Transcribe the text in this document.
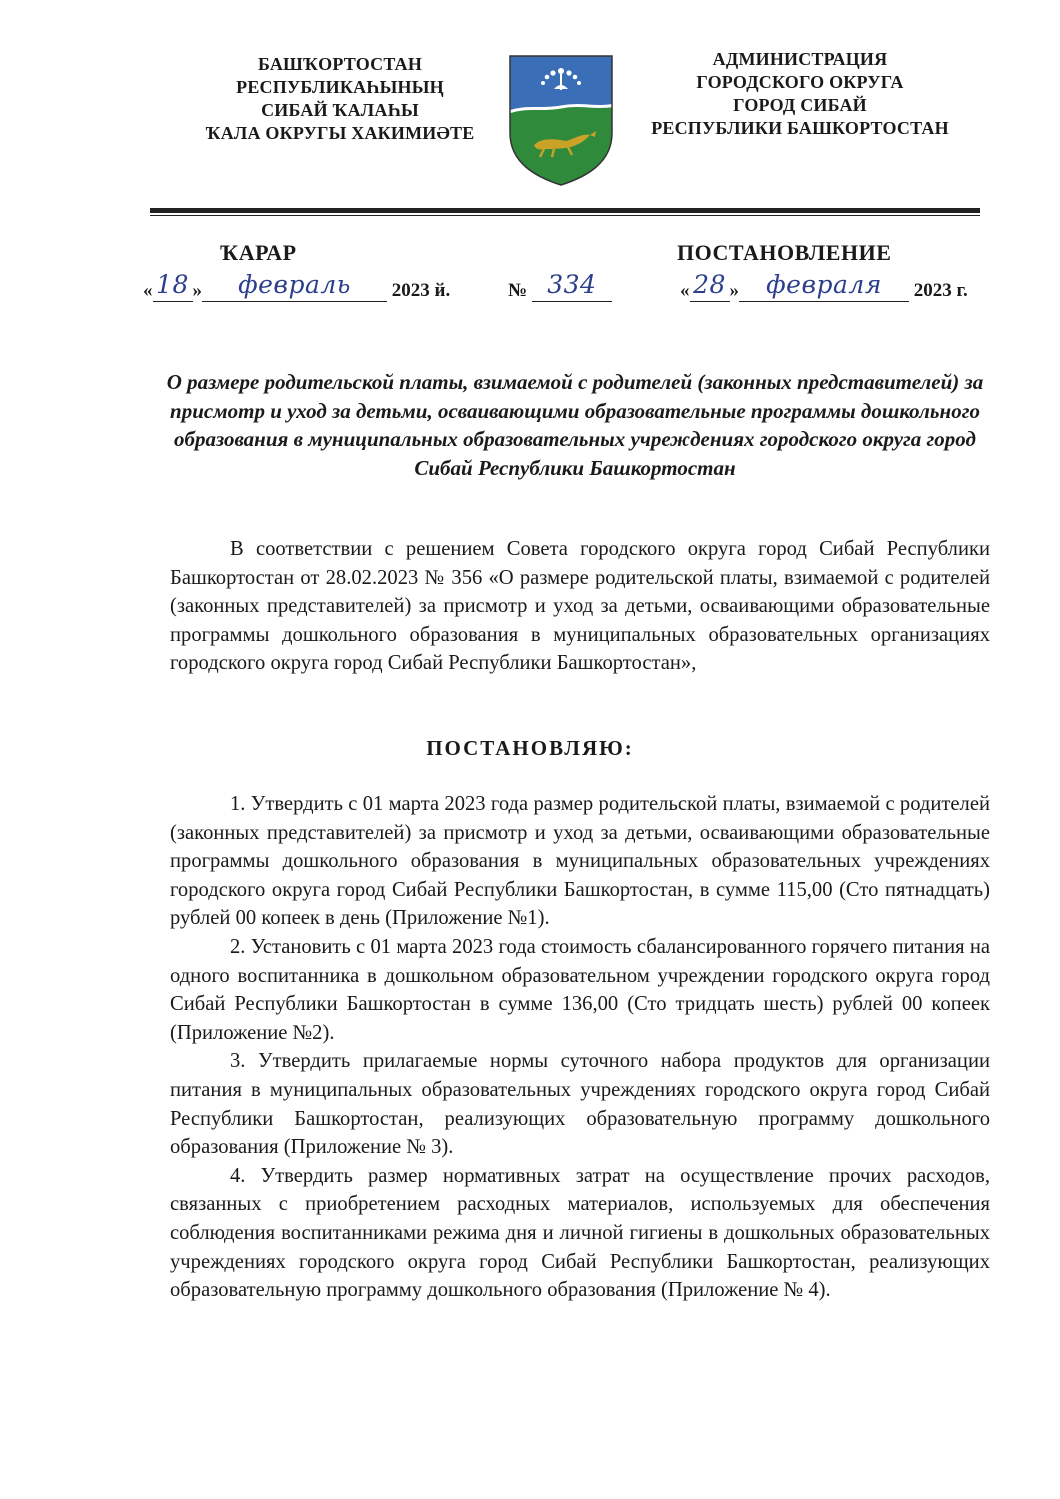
БАШҠОРТОСТАН
РЕСПУБЛИКАҺЫНЫҢ
СИБАЙ ҠАЛАҺЫ
ҠАЛА ОКРУГЫ ХАКИМИӘТЕ
АДМИНИСТРАЦИЯ
ГОРОДСКОГО ОКРУГА
ГОРОД СИБАЙ
РЕСПУБЛИКИ БАШКОРТОСТАН
ҠАРАР	ПОСТАНОВЛЕНИЕ
« 18 »	февраль	2023 й.	№ 334	« 28 »	февраля	2023 г.
О размере родительской платы, взимаемой с родителей (законных представителей) за присмотр и уход за детьми, осваивающими образовательные программы дошкольного образования в муниципальных образовательных учреждениях городского округа город Сибай Республики Башкортостан

В соответствии с решением Совета городского округа город Сибай Республики Башкортостан от 28.02.2023 № 356 «О размере родительской платы, взимаемой с родителей (законных представителей) за присмотр и уход за детьми, осваивающими образовательные программы дошкольного образования в муниципальных образовательных организациях городского округа город Сибай Республики Башкортостан»,

ПОСТАНОВЛЯЮ:

1. Утвердить с 01 марта 2023 года размер родительской платы, взимаемой с родителей (законных представителей) за присмотр и уход за детьми, осваивающими образовательные программы дошкольного образования в муниципальных образовательных учреждениях городского округа город Сибай Республики Башкортостан, в сумме 115,00 (Сто пятнадцать) рублей 00 копеек в день (Приложение №1).

2. Установить с 01 марта 2023 года стоимость сбалансированного горячего питания на одного воспитанника в дошкольном образовательном учреждении городского округа город Сибай Республики Башкортостан в сумме 136,00 (Сто тридцать шесть) рублей 00 копеек (Приложение №2).

3. Утвердить прилагаемые нормы суточного набора продуктов для организации питания в муниципальных образовательных учреждениях городского округа город Сибай Республики Башкортостан, реализующих образовательную программу дошкольного образования (Приложение № 3).

4. Утвердить размер нормативных затрат на осуществление прочих расходов, связанных с приобретением расходных материалов, используемых для обеспечения соблюдения воспитанниками режима дня и личной гигиены в дошкольных образовательных учреждениях городского округа город Сибай Республики Башкортостан, реализующих образовательную программу дошкольного образования (Приложение № 4).
